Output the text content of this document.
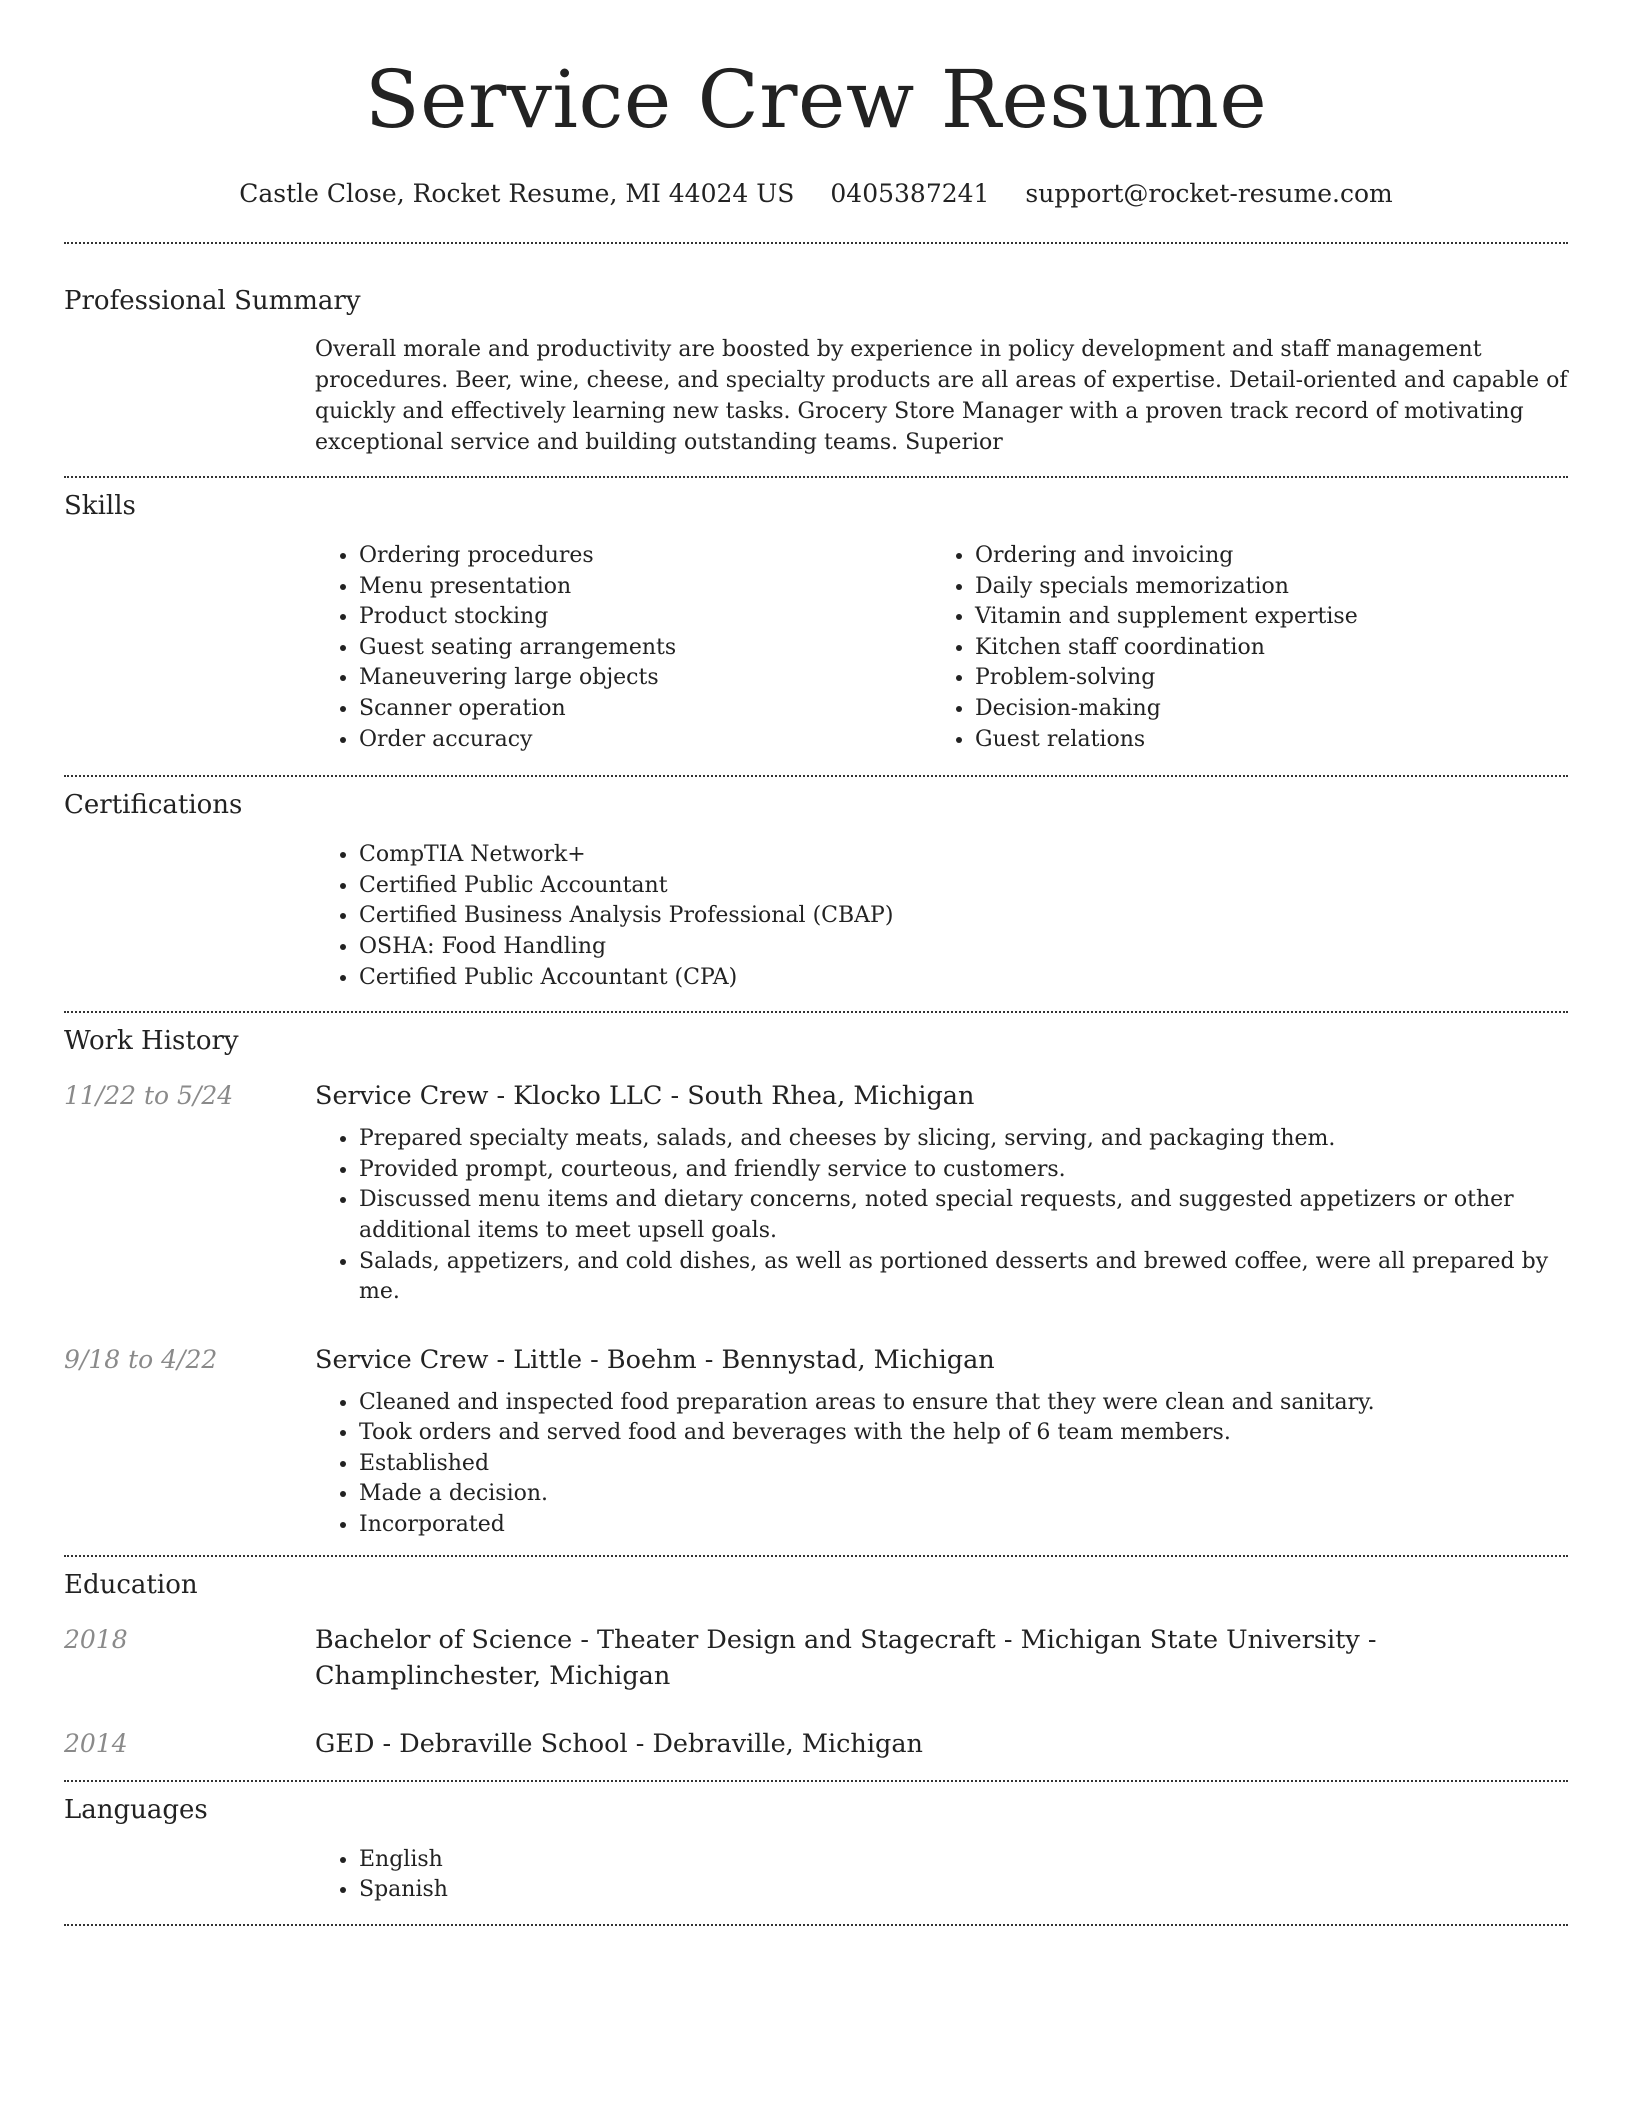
Service Crew Resume
Castle Close, Rocket Resume, MI 44024 US 0405387241 support@rocket-resume.com
Professional Summary

Overall morale and productivity are boosted by experience in policy development and staff management procedures. Beer, wine, cheese, and specialty products are all areas of expertise. Detail-oriented and capable of quickly and effectively learning new tasks. Grocery Store Manager with a proven track record of motivating exceptional service and building outstanding teams. Superior

Skills
• Ordering procedures
• Menu presentation
• Product stocking
• Guest seating arrangements
• Maneuvering large objects
• Scanner operation
• Order accuracy
• Ordering and invoicing
• Daily specials memorization
• Vitamin and supplement expertise
• Kitchen staff coordination
• Problem-solving
• Decision-making
• Guest relations
Certifications
• CompTIA Network+
• Certified Public Accountant
• Certified Business Analysis Professional (CBAP)
• OSHA: Food Handling
• Certified Public Accountant (CPA)
Work History
11/22 to 5/24	Service Crew - Klocko LLC - South Rhea, Michigan
• Prepared specialty meats, salads, and cheeses by slicing, serving, and packaging them.
• Provided prompt, courteous, and friendly service to customers.
• Discussed menu items and dietary concerns, noted special requests, and suggested appetizers or other additional items to meet upsell goals.
• Salads, appetizers, and cold dishes, as well as portioned desserts and brewed coffee, were all prepared by me.
9/18 to 4/22	Service Crew - Little - Boehm - Bennystad, Michigan
• Cleaned and inspected food preparation areas to ensure that they were clean and sanitary.
• Took orders and served food and beverages with the help of 6 team members.
• Established
• Made a decision.
• Incorporated
Education
2018	Bachelor of Science - Theater Design and Stagecraft - Michigan State University - Champlinchester, Michigan
2014	GED - Debraville School - Debraville, Michigan
Languages
• English
• Spanish
